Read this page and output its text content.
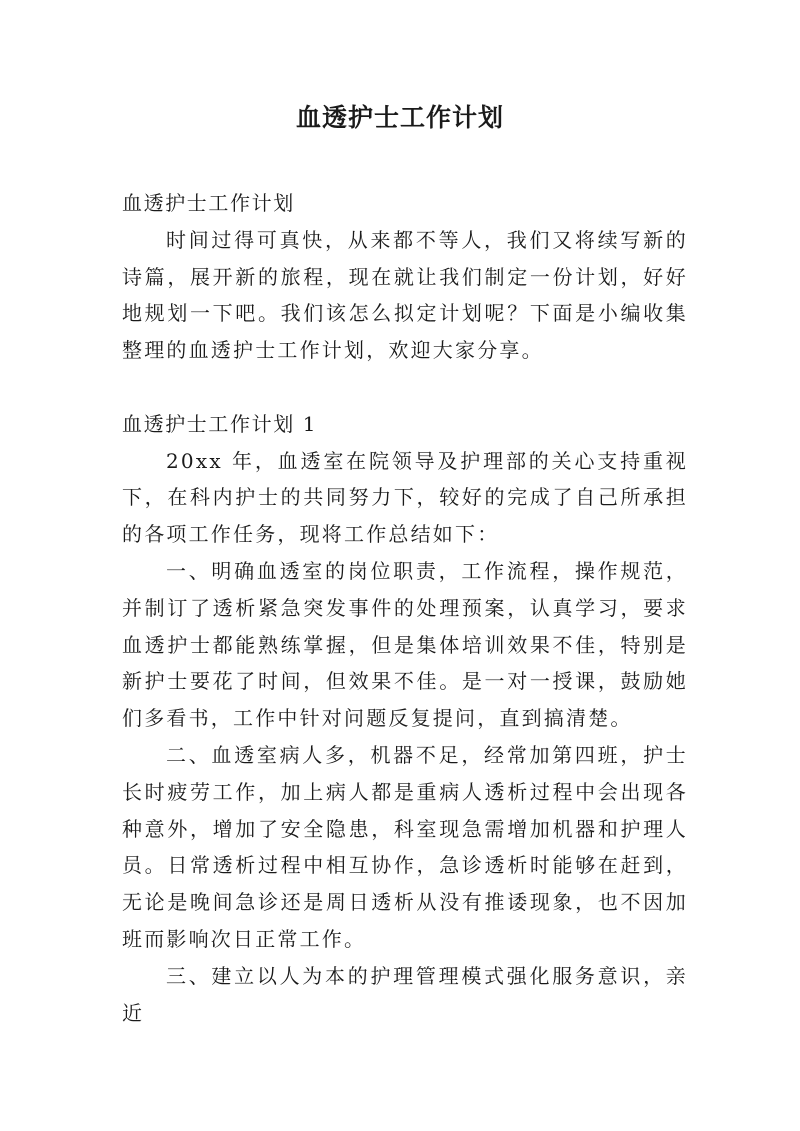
血透护士工作计划

血透护士工作计划

时间过得可真快，从来都不等人，我们又将续写新的诗篇，展开新的旅程，现在就让我们制定一份计划，好好地规划一下吧。我们该怎么拟定计划呢？下面是小编收集整理的血透护士工作计划，欢迎大家分享。

血透护士工作计划 1

20xx 年，血透室在院领导及护理部的关心支持重视下，在科内护士的共同努力下，较好的完成了自己所承担的各项工作任务，现将工作总结如下：

一、明确血透室的岗位职责，工作流程，操作规范，并制订了透析紧急突发事件的处理预案，认真学习，要求血透护士都能熟练掌握，但是集体培训效果不佳，特别是新护士要花了时间，但效果不佳。是一对一授课，鼓励她们多看书，工作中针对问题反复提问，直到搞清楚。

二、血透室病人多，机器不足，经常加第四班，护士长时疲劳工作，加上病人都是重病人透析过程中会出现各种意外，增加了安全隐患，科室现急需增加机器和护理人员。日常透析过程中相互协作，急诊透析时能够在赶到，无论是晚间急诊还是周日透析从没有推诿现象，也不因加班而影响次日正常工作。

三、建立以人为本的护理管理模式强化服务意识，亲近
